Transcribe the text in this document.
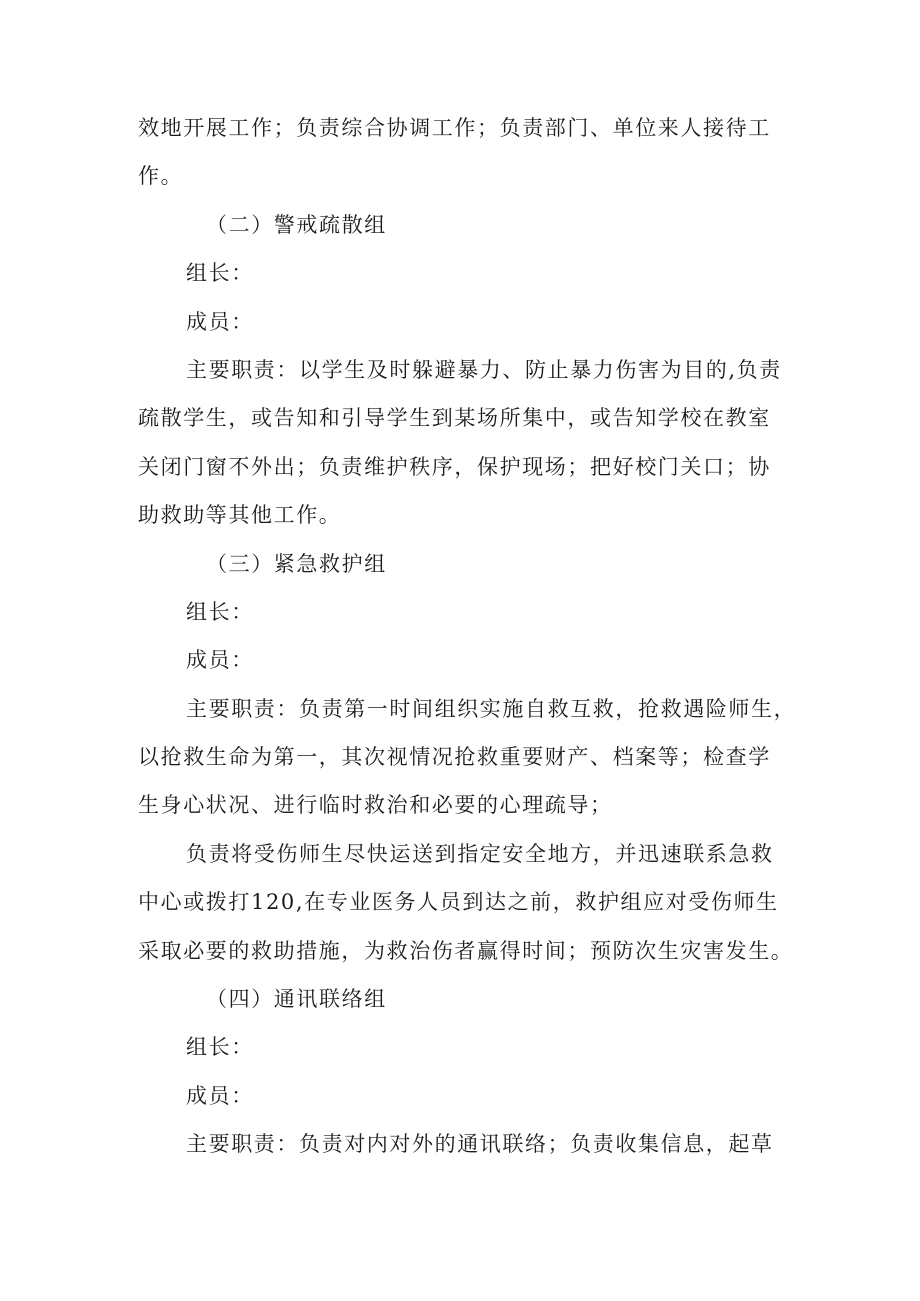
效地开展工作；负责综合协调工作；负责部门、单位来人接待工
作。
（二）警戒疏散组
组长：
成员：
主要职责：以学生及时躲避暴力、防止暴力伤害为目的,负责
疏散学生，或告知和引导学生到某场所集中，或告知学校在教室
关闭门窗不外出；负责维护秩序，保护现场；把好校门关口；协
助救助等其他工作。
（三）紧急救护组
组长：
成员：
主要职责：负责第一时间组织实施自救互救，抢救遇险师生，
以抢救生命为第一，其次视情况抢救重要财产、档案等；检查学
生身心状况、进行临时救治和必要的心理疏导；
负责将受伤师生尽快运送到指定安全地方，并迅速联系急救
中心或拨打120,在专业医务人员到达之前，救护组应对受伤师生
采取必要的救助措施，为救治伤者赢得时间；预防次生灾害发生。
（四）通讯联络组
组长：
成员：
主要职责：负责对内对外的通讯联络；负责收集信息，起草
